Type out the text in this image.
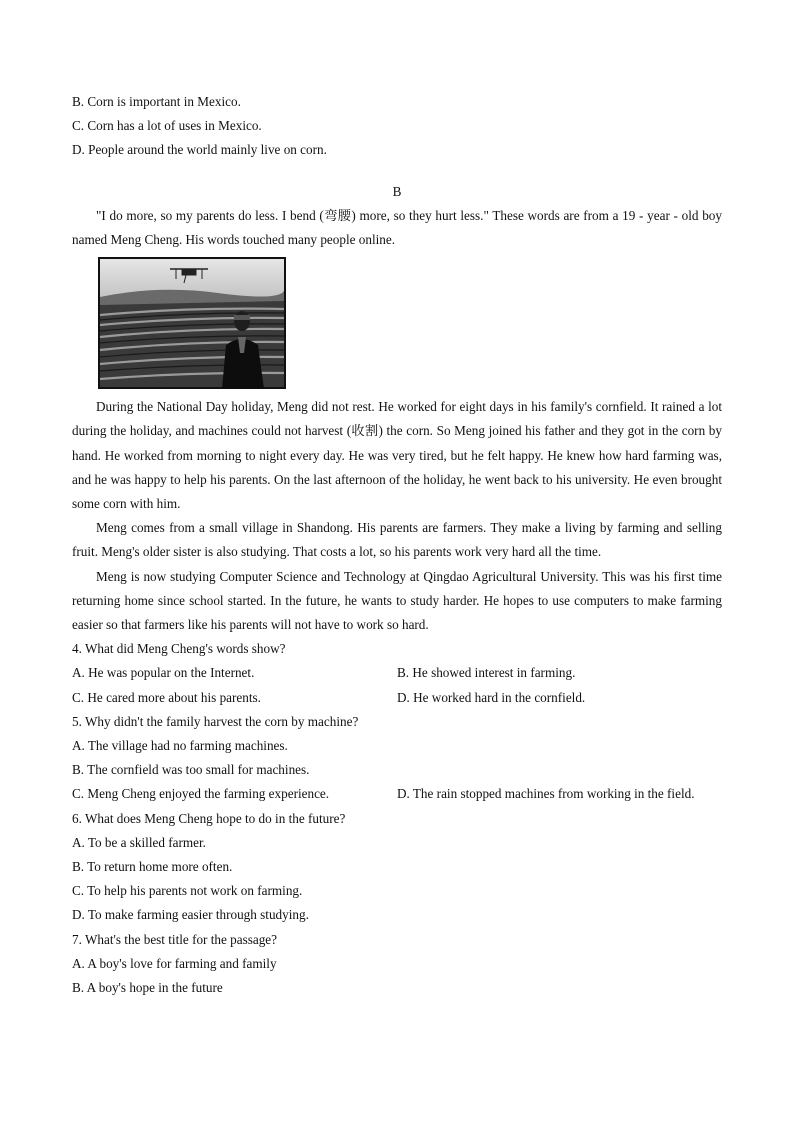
B. Corn is important in Mexico.
C. Corn has a lot of uses in Mexico.
D. People around the world mainly live on corn.
B

"I do more, so my parents do less. I bend (弯腰) more, so they hurt less." These words are from a 19 - year - old boy named Meng Cheng. His words touched many people online.

During the National Day holiday, Meng did not rest. He worked for eight days in his family's cornfield. It rained a lot during the holiday, and machines could not harvest (收割) the corn. So Meng joined his father and they got in the corn by hand. He worked from morning to night every day. He was very tired, but he felt happy. He knew how hard farming was, and he was happy to help his parents. On the last afternoon of the holiday, he went back to his university. He even brought some corn with him.

Meng comes from a small village in Shandong. His parents are farmers. They make a living by farming and selling fruit. Meng's older sister is also studying. That costs a lot, so his parents work very hard all the time.

Meng is now studying Computer Science and Technology at Qingdao Agricultural University. This was his first time returning home since school started. In the future, he wants to study harder. He hopes to use computers to make farming easier so that farmers like his parents will not have to work so hard.

4. What did Meng Cheng's words show?
A. He was popular on the Internet.	B. He showed interest in farming.
C. He cared more about his parents.	D. He worked hard in the cornfield.
5. Why didn't the family harvest the corn by machine?
A. The village had no farming machines.
B. The cornfield was too small for machines.
C. Meng Cheng enjoyed the farming experience.	D. The rain stopped machines from working in the field.
6. What does Meng Cheng hope to do in the future?
A. To be a skilled farmer.
B. To return home more often.
C. To help his parents not work on farming.
D. To make farming easier through studying.
7. What's the best title for the passage?
A. A boy's love for farming and family
B. A boy's hope in the future
